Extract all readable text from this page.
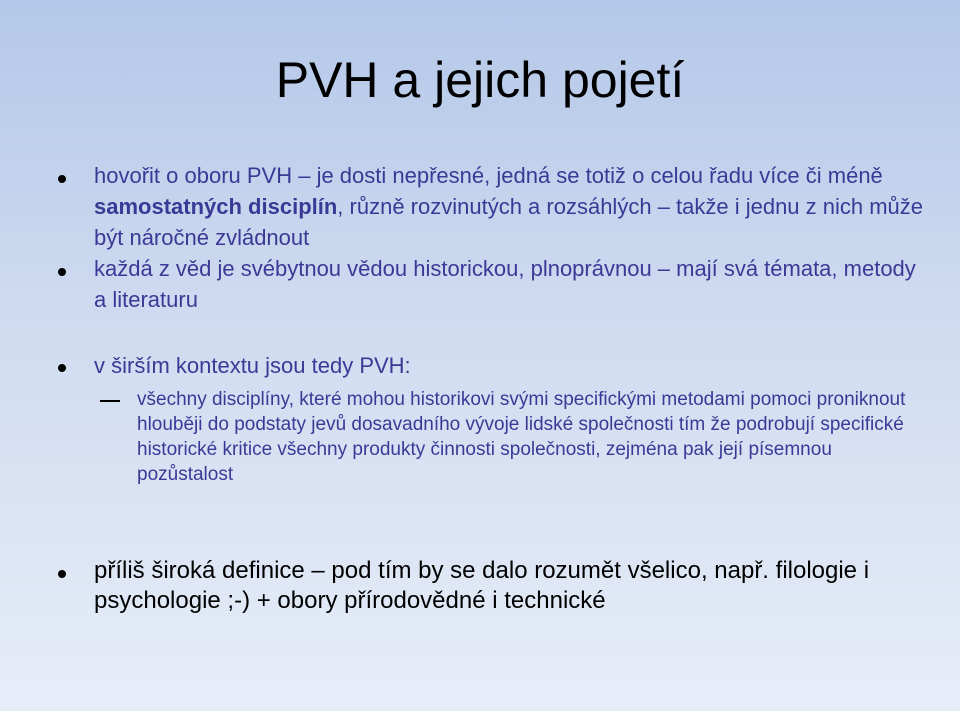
PVH a jejich pojetí
hovořit o oboru PVH – je dosti nepřesné, jedná se totiž o celou řadu více či méně samostatných disciplín, různě rozvinutých a rozsáhlých – takže i jednu z nich může být náročné zvládnout
každá z věd je svébytnou vědou historickou, plnoprávnou – mají svá témata, metody a literaturu
v širším kontextu jsou tedy PVH:
všechny disciplíny, které mohou historikovi svými specifickými metodami pomoci proniknout hlouběji do podstaty jevů dosavadního vývoje lidské společnosti tím že podrobují specifické historické kritice všechny produkty činnosti společnosti, zejména pak její písemnou pozůstalost
příliš široká definice – pod tím by se dalo rozumět všelico, např. filologie i psychologie ;-) + obory přírodovědné i technické
